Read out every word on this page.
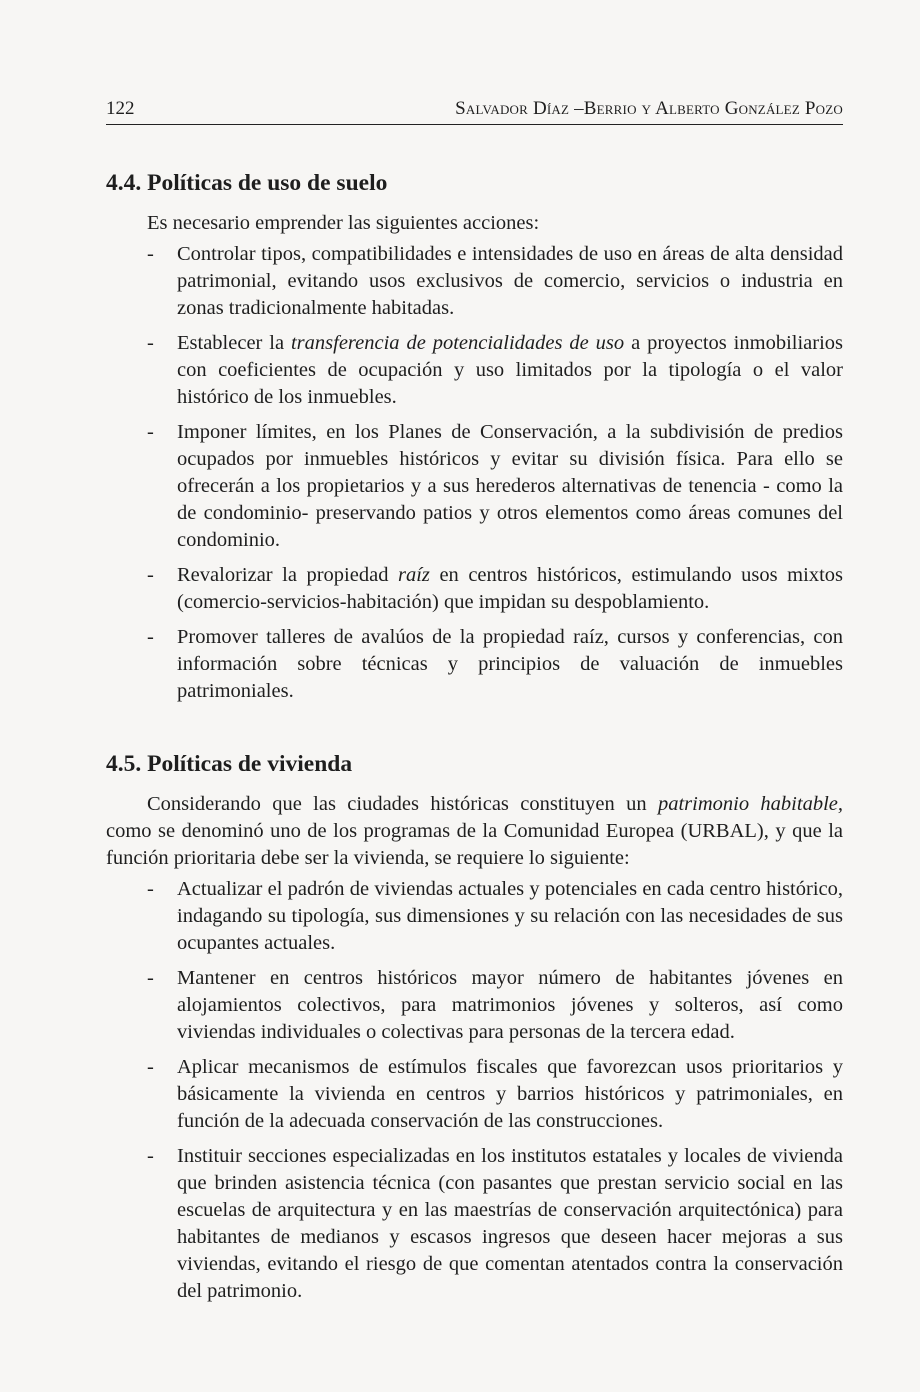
122	Salvador Díaz –Berrio y Alberto González Pozo
4.4. Políticas de uso de suelo

Es necesario emprender las siguientes acciones:

- Controlar tipos, compatibilidades e intensidades de uso en áreas de alta densidad patrimonial, evitando usos exclusivos de comercio, servicios o industria en zonas tradicionalmente habitadas.
- Establecer la transferencia de potencialidades de uso a proyectos inmobiliarios con coeficientes de ocupación y uso limitados por la tipología o el valor histórico de los inmuebles.
- Imponer límites, en los Planes de Conservación, a la subdivisión de predios ocupados por inmuebles históricos y evitar su división física. Para ello se ofrecerán a los propietarios y a sus herederos alternativas de tenencia - como la de condominio- preservando patios y otros elementos como áreas comunes del condominio.
- Revalorizar la propiedad raíz en centros históricos, estimulando usos mixtos (comercio-servicios-habitación) que impidan su despoblamiento.
- Promover talleres de avalúos de la propiedad raíz, cursos y conferencias, con información sobre técnicas y principios de valuación de inmuebles patrimoniales.
4.5. Políticas de vivienda

Considerando que las ciudades históricas constituyen un patrimonio habitable, como se denominó uno de los programas de la Comunidad Europea (URBAL), y que la función prioritaria debe ser la vivienda, se requiere lo siguiente:

- Actualizar el padrón de viviendas actuales y potenciales en cada centro histórico, indagando su tipología, sus dimensiones y su relación con las necesidades de sus ocupantes actuales.
- Mantener en centros históricos mayor número de habitantes jóvenes en alojamientos colectivos, para matrimonios jóvenes y solteros, así como viviendas individuales o colectivas para personas de la tercera edad.
- Aplicar mecanismos de estímulos fiscales que favorezcan usos prioritarios y básicamente la vivienda en centros y barrios históricos y patrimoniales, en función de la adecuada conservación de las construcciones.
- Instituir secciones especializadas en los institutos estatales y locales de vivienda que brinden asistencia técnica (con pasantes que prestan servicio social en las escuelas de arquitectura y en las maestrías de conservación arquitectónica) para habitantes de medianos y escasos ingresos que deseen hacer mejoras a sus viviendas, evitando el riesgo de que comentan atentados contra la conservación del patrimonio.
